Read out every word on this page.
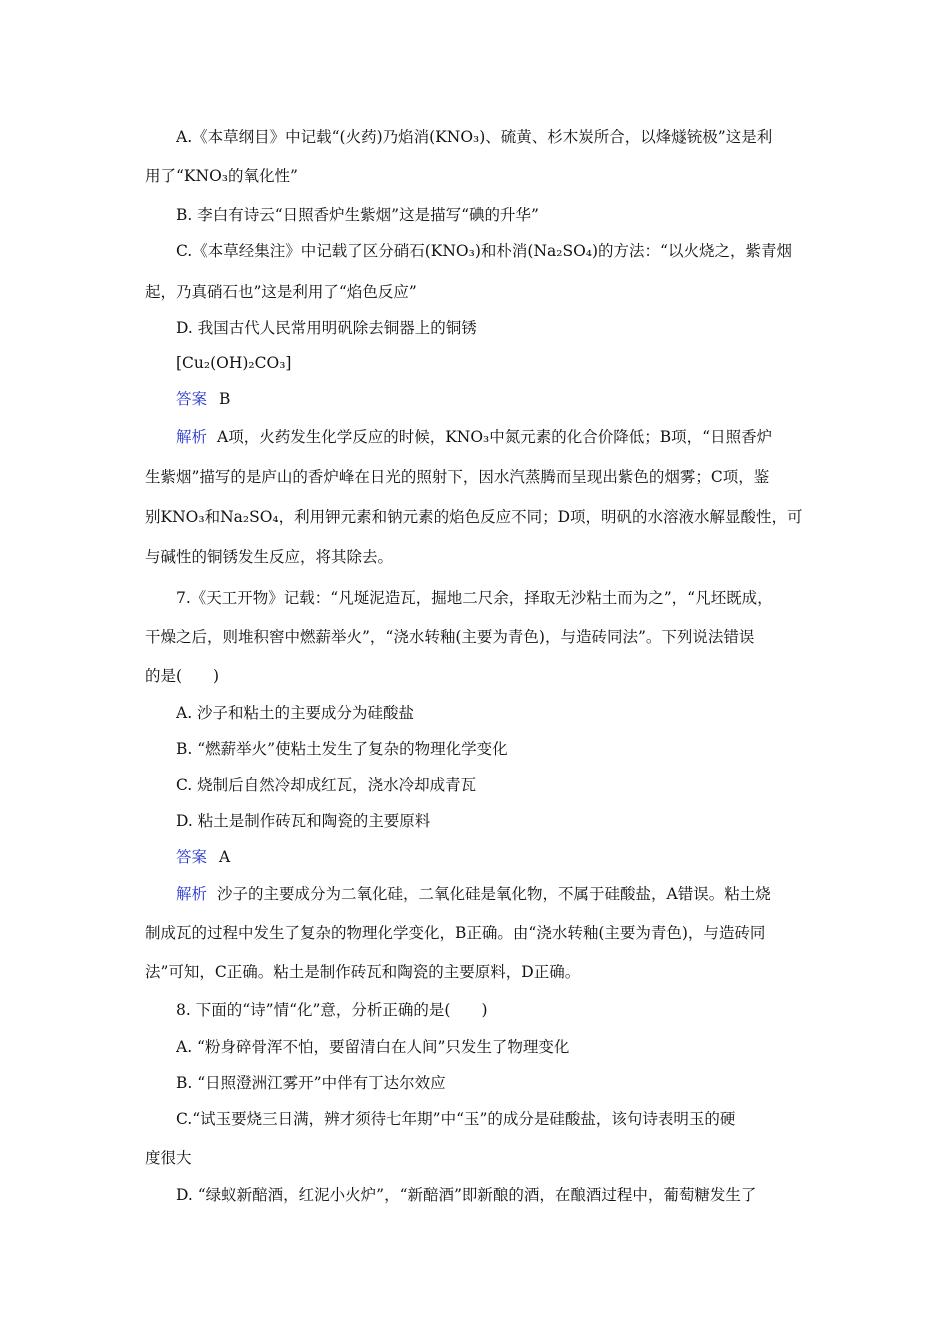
A.《本草纲目》中记载“(火药)乃焰消(KNO₃)、硫黄、杉木炭所合，以烽燧铳极”这是利
用了“KNO₃的氧化性”
B. 李白有诗云“日照香炉生紫烟”这是描写“碘的升华”
C.《本草经集注》中记载了区分硝石(KNO₃)和朴消(Na₂SO₄)的方法：“以火烧之，紫青烟
起，乃真硝石也”这是利用了“焰色反应”
D. 我国古代人民常用明矾除去铜器上的铜锈
[Cu₂(OH)₂CO₃]
答案 B
解析 A项，火药发生化学反应的时候，KNO₃中氮元素的化合价降低；B项，“日照香炉
生紫烟”描写的是庐山的香炉峰在日光的照射下，因水汽蒸腾而呈现出紫色的烟雾；C项，鉴
别KNO₃和Na₂SO₄，利用钾元素和钠元素的焰色反应不同；D项，明矾的水溶液水解显酸性，可
与碱性的铜锈发生反应，将其除去。
7.《天工开物》记载：“凡埏泥造瓦，掘地二尺余，择取无沙粘土而为之”，“凡坯既成，
干燥之后，则堆积窖中燃薪举火”，“浇水转釉(主要为青色)，与造砖同法”。下列说法错误
的是(　　)
A. 沙子和粘土的主要成分为硅酸盐
B. “燃薪举火”使粘土发生了复杂的物理化学变化
C. 烧制后自然冷却成红瓦，浇水冷却成青瓦
D. 粘土是制作砖瓦和陶瓷的主要原料
答案 A
解析 沙子的主要成分为二氧化硅，二氧化硅是氧化物，不属于硅酸盐，A错误。粘土烧
制成瓦的过程中发生了复杂的物理化学变化，B正确。由“浇水转釉(主要为青色)，与造砖同
法”可知，C正确。粘土是制作砖瓦和陶瓷的主要原料，D正确。
8. 下面的“诗”情“化”意，分析正确的是(　　)
A. “粉身碎骨浑不怕，要留清白在人间”只发生了物理变化
B. “日照澄洲江雾开”中伴有丁达尔效应
C.“试玉要烧三日满，辨才须待七年期”中“玉”的成分是硅酸盐，该句诗表明玉的硬
度很大
D. “绿蚁新醅酒，红泥小火炉”，“新醅酒”即新酿的酒，在酿酒过程中，葡萄糖发生了
